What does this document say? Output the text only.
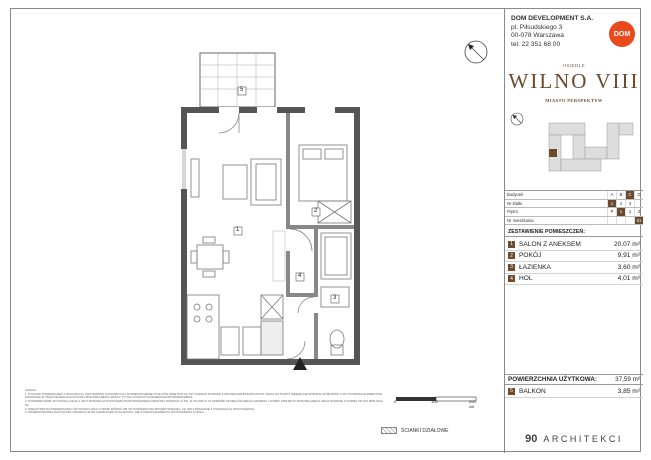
1
2
3
4
5
UWAGA:
1. RYSUNKI POMIESZCZEŃ, LOKALIZACJA, PRZYBORÓW SANITARNYCH, ROZMIESZCZENIE PUNKTÓW ŚWIETLNYCH ITP. PODANO ZGODNIE Z PROJEKTEM BUDOWLANYM. MOGĄ WYSTĄPIĆ NIEWIELKIE RÓŻNICE WYMIARÓW I USYTUOWANIA ELEMENTÓW POWSTAŁE W TRAKCIE REALIZACJI PLANU BUDOWLANEGO ORAZ Z TYTUŁU PODANYCH PRZEDZIAŁÓW PRZESTRZENI.
2. POWIERZCHNIĘ UŻYTKOWĄ LOKALU JEST PODANA NA PODSTAWIE ROZPORZĄDZENIA MINISTRA ROZWOJU Z DN. 11.09.2020 R. W SPRAWIE SZCZEGÓŁOWEGO ZAKRESU I FORMY PROJEKTU BUDOWLANEGO ORAZ ZGODNIE Z NORMĄ PN-ISO 9836:2022-04.
3. RZECZYWISTA POWIERZCHNIA UŻYTKOWA LOKALU MOŻE RÓŻNIĆ SIĘ OD POWIERZCHNI PROJEKTOWANEJ, CO JEST ZWIĄZANE Z TOLERANCJĄ WYKONAWCZĄ.
4. PRZEDSTAWIONA NA RYSUNKU ARANŻACJA MA CHARAKTER POGLĄDOWY, NIE STANOWI ELEMENTU WYPOSAŻENIA LOKALU.
0	100	200 cm
ŚCIANKI DZIAŁOWE
DOM DEVELOPMENT S.A.
pl. Piłsudskiego 3
00-078 Warszawa
tel. 22 351 68 00
DOM
OSIEDLE
WILNO VIII
MIASTO PERSPEKTYW
Budynek	A	B	C	D
Nr klatki	1	2	3	
Piętro	P	1	2	3
Nr mieszkania				01
ZESTAWIENIE POMIESZCZEŃ:
1 SALON Z ANEKSEM	20,07 m²
2 POKÓJ	9,91 m²
3 ŁAZIENKA	3,60 m²
4 HOL	4,01 m²
POWIERZCHNIA UŻYTKOWA:	37,59 m²
5 BALKON	3,85 m²
90 ARCHITEKCI
